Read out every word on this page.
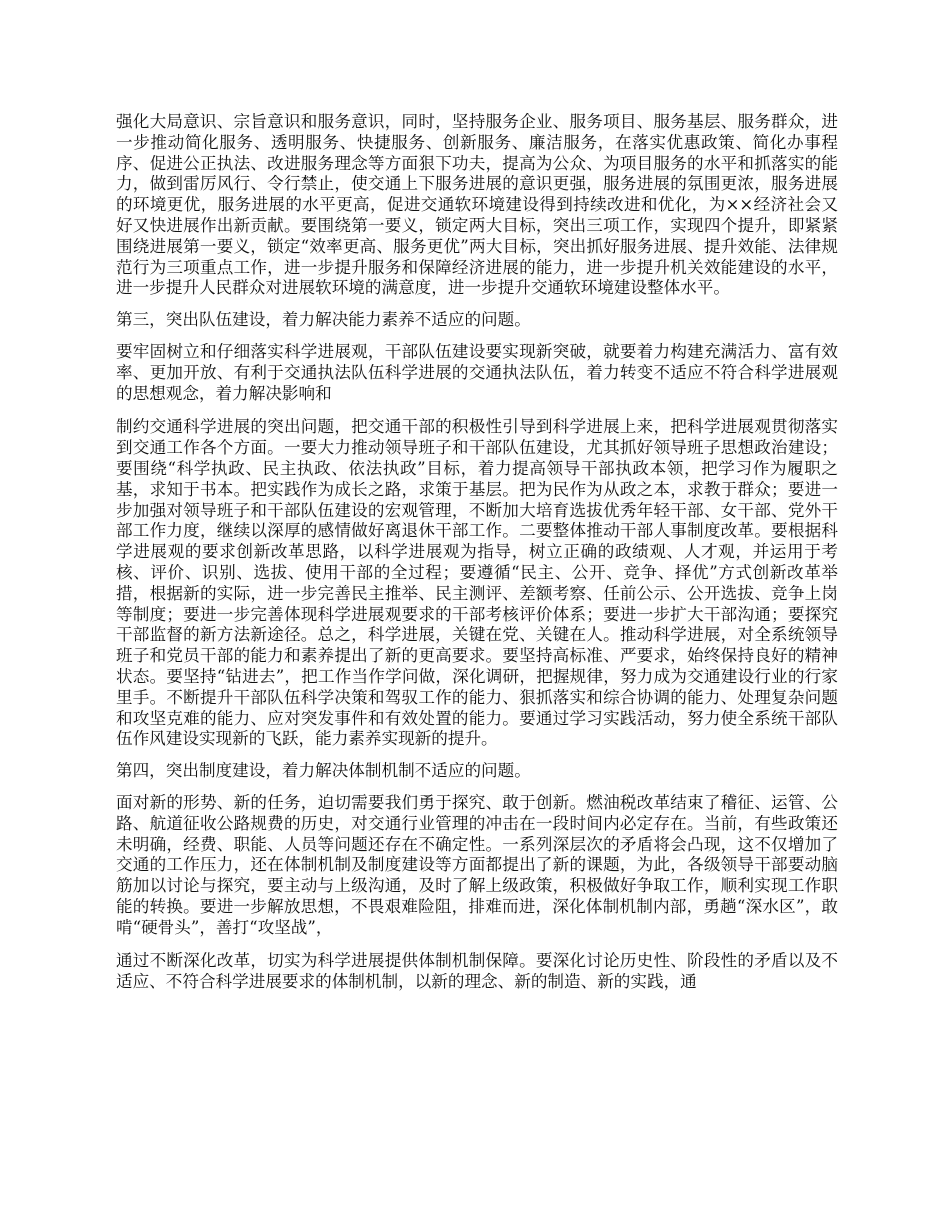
强化大局意识、宗旨意识和服务意识，同时，坚持服务企业、服务项目、服务基层、服务群众，进一步推动简化服务、透明服务、快捷服务、创新服务、廉洁服务，在落实优惠政策、简化办事程序、促进公正执法、改进服务理念等方面狠下功夫，提高为公众、为项目服务的水平和抓落实的能力，做到雷厉风行、令行禁止，使交通上下服务进展的意识更强，服务进展的氛围更浓，服务进展的环境更优，服务进展的水平更高，促进交通软环境建设得到持续改进和优化，为××经济社会又好又快进展作出新贡献。要围绕第一要义，锁定两大目标，突出三项工作，实现四个提升，即紧紧围绕进展第一要义，锁定“效率更高、服务更优”两大目标，突出抓好服务进展、提升效能、法律规范行为三项重点工作，进一步提升服务和保障经济进展的能力，进一步提升机关效能建设的水平，进一步提升人民群众对进展软环境的满意度，进一步提升交通软环境建设整体水平。

第三，突出队伍建设，着力解决能力素养不适应的问题。

要牢固树立和仔细落实科学进展观，干部队伍建设要实现新突破，就要着力构建充满活力、富有效率、更加开放、有利于交通执法队伍科学进展的交通执法队伍，着力转变不适应不符合科学进展观的思想观念，着力解决影响和

制约交通科学进展的突出问题，把交通干部的积极性引导到科学进展上来，把科学进展观贯彻落实到交通工作各个方面。一要大力推动领导班子和干部队伍建设，尤其抓好领导班子思想政治建设；要围绕“科学执政、民主执政、依法执政”目标，着力提高领导干部执政本领，把学习作为履职之基，求知于书本。把实践作为成长之路，求策于基层。把为民作为从政之本，求教于群众；要进一步加强对领导班子和干部队伍建设的宏观管理，不断加大培育选拔优秀年轻干部、女干部、党外干部工作力度，继续以深厚的感情做好离退休干部工作。二要整体推动干部人事制度改革。要根据科学进展观的要求创新改革思路，以科学进展观为指导，树立正确的政绩观、人才观，并运用于考核、评价、识别、选拔、使用干部的全过程；要遵循“民主、公开、竞争、择优”方式创新改革举措，根据新的实际，进一步完善民主推举、民主测评、差额考察、任前公示、公开选拔、竞争上岗等制度；要进一步完善体现科学进展观要求的干部考核评价体系；要进一步扩大干部沟通；要探究干部监督的新方法新途径。总之，科学进展，关键在党、关键在人。推动科学进展，对全系统领导班子和党员干部的能力和素养提出了新的更高要求。要坚持高标准、严要求，始终保持良好的精神状态。要坚持“钻进去”，把工作当作学问做，深化调研，把握规律，努力成为交通建设行业的行家里手。不断提升干部队伍科学决策和驾驭工作的能力、狠抓落实和综合协调的能力、处理复杂问题和攻坚克难的能力、应对突发事件和有效处置的能力。要通过学习实践活动，努力使全系统干部队伍作风建设实现新的飞跃，能力素养实现新的提升。

第四，突出制度建设，着力解决体制机制不适应的问题。

面对新的形势、新的任务，迫切需要我们勇于探究、敢于创新。燃油税改革结束了稽征、运管、公路、航道征收公路规费的历史，对交通行业管理的冲击在一段时间内必定存在。当前，有些政策还未明确，经费、职能、人员等问题还存在不确定性。一系列深层次的矛盾将会凸现，这不仅增加了交通的工作压力，还在体制机制及制度建设等方面都提出了新的课题，为此，各级领导干部要动脑筋加以讨论与探究，要主动与上级沟通，及时了解上级政策，积极做好争取工作，顺利实现工作职能的转换。要进一步解放思想，不畏艰难险阻，排难而进，深化体制机制内部，勇趟“深水区”，敢啃“硬骨头”，善打“攻坚战”，

通过不断深化改革，切实为科学进展提供体制机制保障。要深化讨论历史性、阶段性的矛盾以及不适应、不符合科学进展要求的体制机制，以新的理念、新的制造、新的实践，通
